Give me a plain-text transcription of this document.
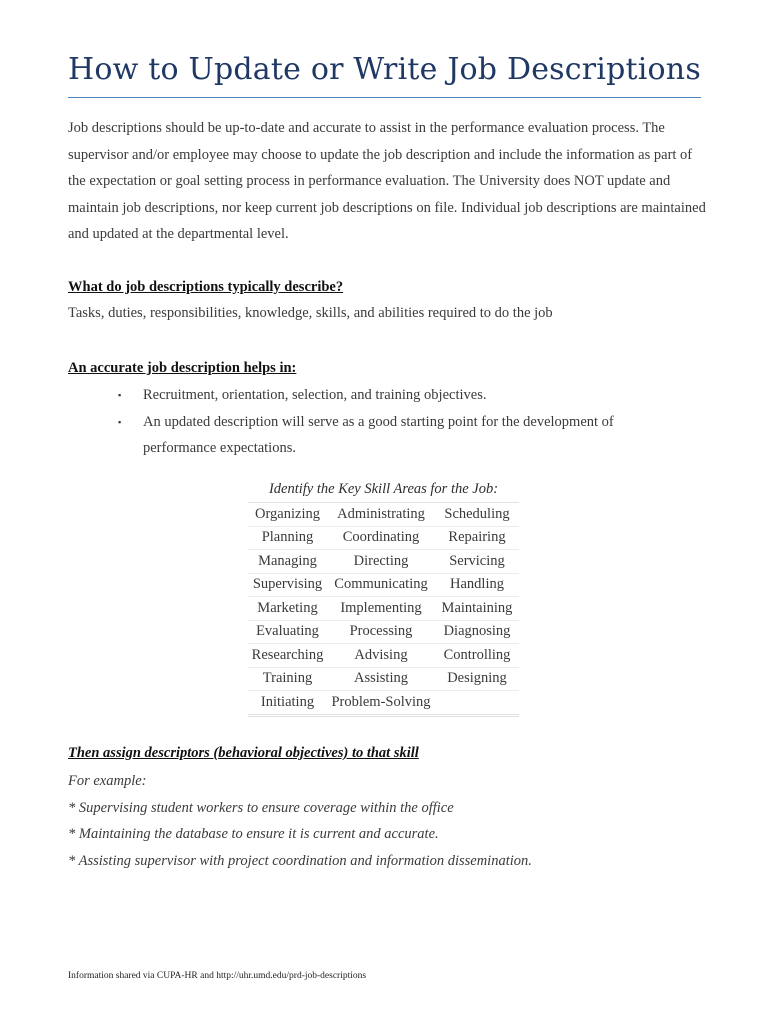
How to Update or Write Job Descriptions

Job descriptions should be up-to-date and accurate to assist in the performance evaluation process. The supervisor and/or employee may choose to update the job description and include the information as part of the expectation or goal setting process in performance evaluation. The University does NOT update and maintain job descriptions, nor keep current job descriptions on file. Individual job descriptions are maintained and updated at the departmental level.

What do job descriptions typically describe?

Tasks, duties, responsibilities, knowledge, skills, and abilities required to do the job

An accurate job description helps in:

▪ Recruitment, orientation, selection, and training objectives.
▪ An updated description will serve as a good starting point for the development of performance expectations.

Identify the Key Skill Areas for the Job:

Organizing	Administrating	Scheduling
Planning	Coordinating	Repairing
Managing	Directing	Servicing
Supervising	Communicating	Handling
Marketing	Implementing	Maintaining
Evaluating	Processing	Diagnosing
Researching	Advising	Controlling
Training	Assisting	Designing
Initiating	Problem-Solving	

Then assign descriptors (behavioral objectives) to that skill

For example:
* Supervising student workers to ensure coverage within the office
* Maintaining the database to ensure it is current and accurate.
* Assisting supervisor with project coordination and information dissemination.

Information shared via CUPA-HR and http://uhr.umd.edu/prd-job-descriptions
